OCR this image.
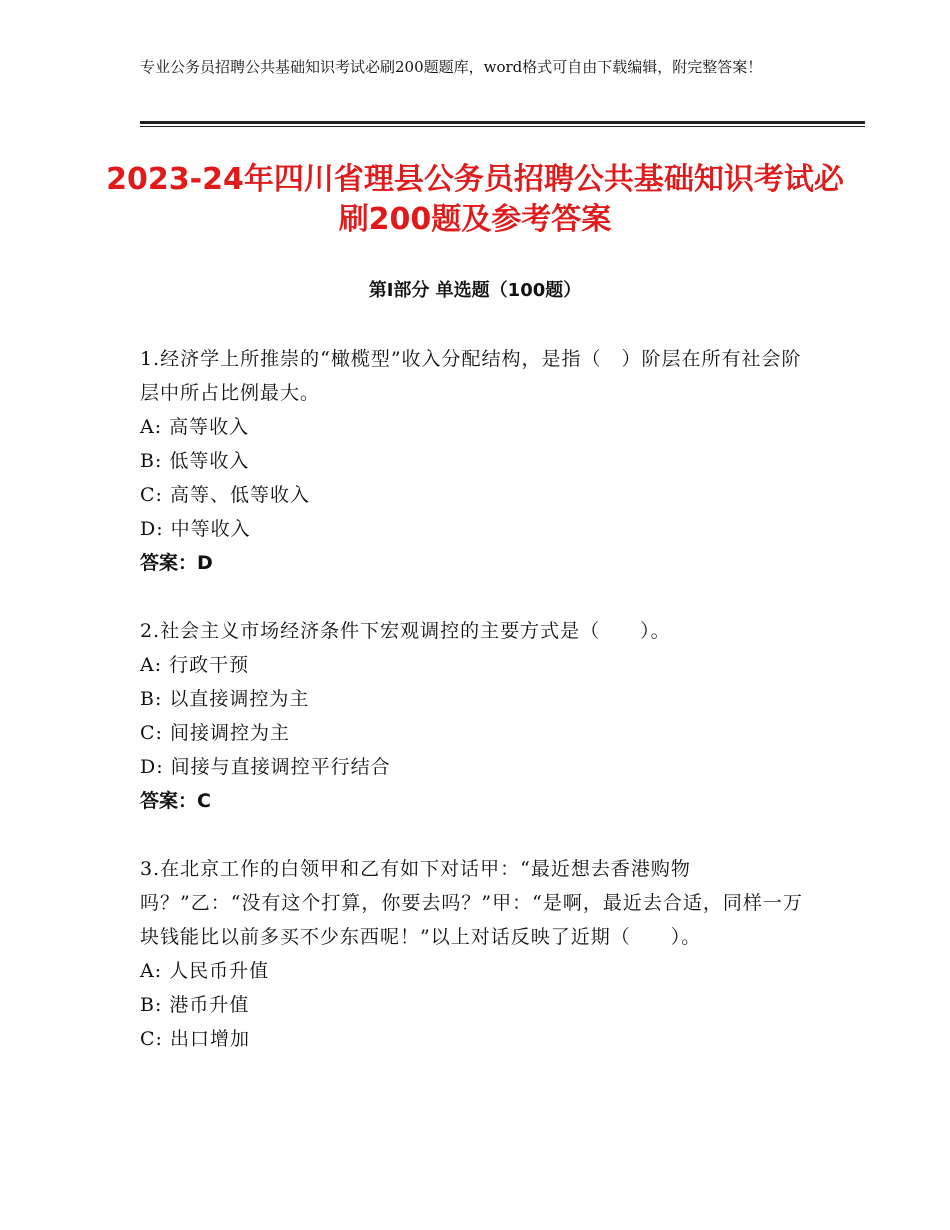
专业公务员招聘公共基础知识考试必刷200题题库，word格式可自由下载编辑，附完整答案！
2023-24年四川省理县公务员招聘公共基础知识考试必刷200题及参考答案
第Ⅰ部分 单选题（100题）

1.经济学上所推崇的“橄榄型”收入分配结构，是指（　）阶层在所有社会阶层中所占比例最大。

A: 高等收入

B: 低等收入

C: 高等、低等收入

D: 中等收入

答案：D

2.社会主义市场经济条件下宏观调控的主要方式是（　　）。

A: 行政干预

B: 以直接调控为主

C: 间接调控为主

D: 间接与直接调控平行结合

答案：C

3.在北京工作的白领甲和乙有如下对话甲：“最近想去香港购物吗？”乙：“没有这个打算，你要去吗？”甲：“是啊，最近去合适，同样一万块钱能比以前多买不少东西呢！”以上对话反映了近期（　　）。

A: 人民币升值

B: 港币升值

C: 出口增加
